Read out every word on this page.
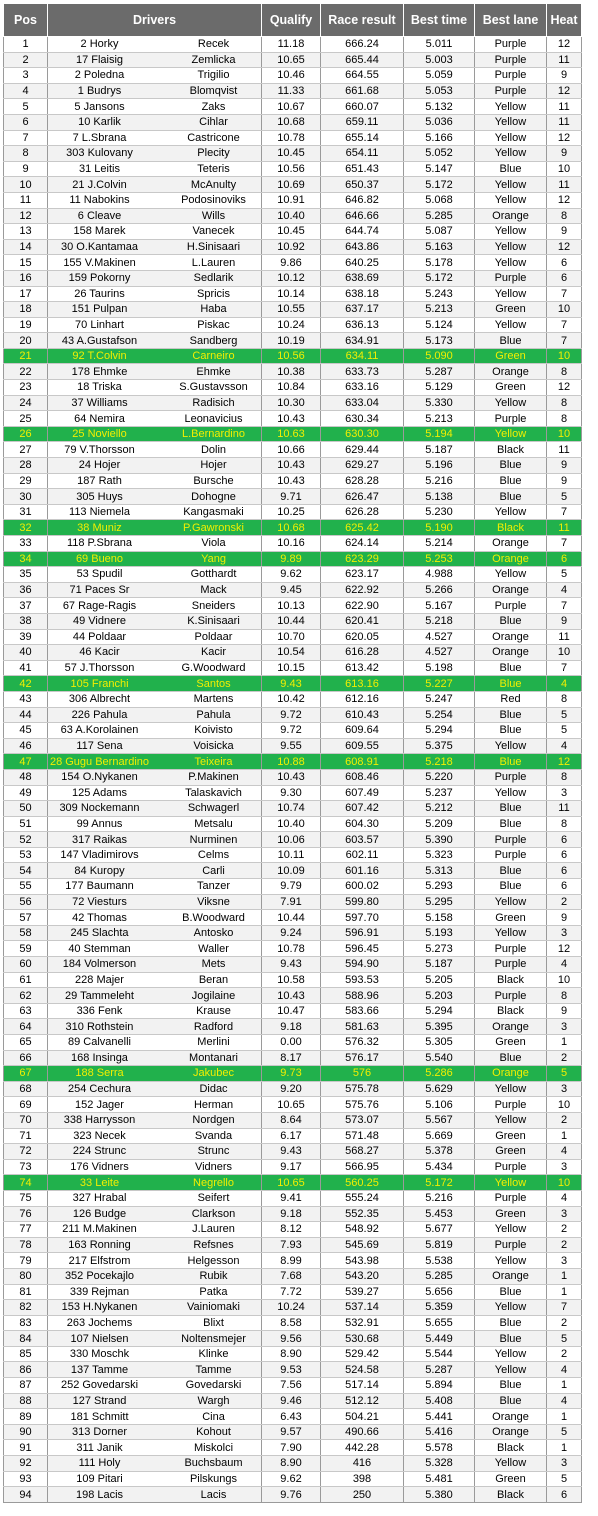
Pos	Drivers	Qualify	Race result	Best time	Best lane	Heat
1	2 Horky Recek	11.18	666.24	5.011	Purple	12
2	17 Flaisig Zemlicka	10.65	665.44	5.003	Purple	11
3	2 Poledna Trigilio	10.46	664.55	5.059	Purple	9
4	1 Budrys Blomqvist	11.33	661.68	5.053	Purple	12
5	5 Jansons Zaks	10.67	660.07	5.132	Yellow	11
6	10 Karlik Cihlar	10.68	659.11	5.036	Yellow	11
7	7 L.Sbrana Castricone	10.78	655.14	5.166	Yellow	12
8	303 Kulovany Plecity	10.45	654.11	5.052	Yellow	9
9	31 Leitis Teteris	10.56	651.43	5.147	Blue	10
10	21 J.Colvin McAnulty	10.69	650.37	5.172	Yellow	11
11	11 Nabokins Podosinoviks	10.91	646.82	5.068	Yellow	12
12	6 Cleave Wills	10.40	646.66	5.285	Orange	8
13	158 Marek Vanecek	10.45	644.74	5.087	Yellow	9
14	30 O.Kantamaa H.Sinisaari	10.92	643.86	5.163	Yellow	12
15	155 V.Makinen L.Lauren	9.86	640.25	5.178	Yellow	6
16	159 Pokorny Sedlarik	10.12	638.69	5.172	Purple	6
17	26 Taurins Spricis	10.14	638.18	5.243	Yellow	7
18	151 Pulpan Haba	10.55	637.17	5.213	Green	10
19	70 Linhart Piskac	10.24	636.13	5.124	Yellow	7
20	43 A.Gustafson Sandberg	10.19	634.91	5.173	Blue	7
21	92 T.Colvin Carneiro	10.56	634.11	5.090	Green	10
22	178 Ehmke Ehmke	10.38	633.73	5.287	Orange	8
23	18 Triska S.Gustavsson	10.84	633.16	5.129	Green	12
24	37 Williams Radisich	10.30	633.04	5.330	Yellow	8
25	64 Nemira Leonavicius	10.43	630.34	5.213	Purple	8
26	25 Noviello L.Bernardino	10.63	630.30	5.194	Yellow	10
27	79 V.Thorsson Dolin	10.66	629.44	5.187	Black	11
28	24 Hojer Hojer	10.43	629.27	5.196	Blue	9
29	187 Rath Bursche	10.43	628.28	5.216	Blue	9
30	305 Huys Dohogne	9.71	626.47	5.138	Blue	5
31	113 Niemela Kangasmaki	10.25	626.28	5.230	Yellow	7
32	38 Muniz P.Gawronski	10.68	625.42	5.190	Black	11
33	118 P.Sbrana Viola	10.16	624.14	5.214	Orange	7
34	69 Bueno Yang	9.89	623.29	5.253	Orange	6
35	53 Spudil Gotthardt	9.62	623.17	4.988	Yellow	5
36	71 Paces Sr Mack	9.45	622.92	5.266	Orange	4
37	67 Rage-Ragis Sneiders	10.13	622.90	5.167	Purple	7
38	49 Vidnere K.Sinisaari	10.44	620.41	5.218	Blue	9
39	44 Poldaar Poldaar	10.70	620.05	4.527	Orange	11
40	46 Kacir Kacir	10.54	616.28	4.527	Orange	10
41	57 J.Thorsson G.Woodward	10.15	613.42	5.198	Blue	7
42	105 Franchi Santos	9.43	613.16	5.227	Blue	4
43	306 Albrecht Martens	10.42	612.16	5.247	Red	8
44	226 Pahula Pahula	9.72	610.43	5.254	Blue	5
45	63 A.Korolainen Koivisto	9.72	609.64	5.294	Blue	5
46	117 Sena Voisicka	9.55	609.55	5.375	Yellow	4
47	28 Gugu Bernardino Teixeira	10.88	608.91	5.218	Blue	12
48	154 O.Nykanen P.Makinen	10.43	608.46	5.220	Purple	8
49	125 Adams Talaskavich	9.30	607.49	5.237	Yellow	3
50	309 Nockemann Schwagerl	10.74	607.42	5.212	Blue	11
51	99 Annus Metsalu	10.40	604.30	5.209	Blue	8
52	317 Raikas Nurminen	10.06	603.57	5.390	Purple	6
53	147 Vladimirovs Celms	10.11	602.11	5.323	Purple	6
54	84 Kuropy Carli	10.09	601.16	5.313	Blue	6
55	177 Baumann Tanzer	9.79	600.02	5.293	Blue	6
56	72 Viesturs Viksne	7.91	599.80	5.295	Yellow	2
57	42 Thomas B.Woodward	10.44	597.70	5.158	Green	9
58	245 Slachta Antosko	9.24	596.91	5.193	Yellow	3
59	40 Stemman Waller	10.78	596.45	5.273	Purple	12
60	184 Volmerson Mets	9.43	594.90	5.187	Purple	4
61	228 Majer Beran	10.58	593.53	5.205	Black	10
62	29 Tammeleht Jogilaine	10.43	588.96	5.203	Purple	8
63	336 Fenk Krause	10.47	583.66	5.294	Black	9
64	310 Rothstein Radford	9.18	581.63	5.395	Orange	3
65	89 Calvanelli Merlini	0.00	576.32	5.305	Green	1
66	168 Insinga Montanari	8.17	576.17	5.540	Blue	2
67	188 Serra Jakubec	9.73	576	5.286	Orange	5
68	254 Cechura Didac	9.20	575.78	5.629	Yellow	3
69	152 Jager Herman	10.65	575.76	5.106	Purple	10
70	338 Harrysson Nordgen	8.64	573.07	5.567	Yellow	2
71	323 Necek Svanda	6.17	571.48	5.669	Green	1
72	224 Strunc Strunc	9.43	568.27	5.378	Green	4
73	176 Vidners Vidners	9.17	566.95	5.434	Purple	3
74	33 Leite Negrello	10.65	560.25	5.172	Yellow	10
75	327 Hrabal Seifert	9.41	555.24	5.216	Purple	4
76	126 Budge Clarkson	9.18	552.35	5.453	Green	3
77	211 M.Makinen J.Lauren	8.12	548.92	5.677	Yellow	2
78	163 Ronning Refsnes	7.93	545.69	5.819	Purple	2
79	217 Elfstrom Helgesson	8.99	543.98	5.538	Yellow	3
80	352 Pocekajlo Rubik	7.68	543.20	5.285	Orange	1
81	339 Rejman Patka	7.72	539.27	5.656	Blue	1
82	153 H.Nykanen Vainiomaki	10.24	537.14	5.359	Yellow	7
83	263 Jochems Blixt	8.58	532.91	5.655	Blue	2
84	107 Nielsen Noltensmejer	9.56	530.68	5.449	Blue	5
85	330 Moschk Klinke	8.90	529.42	5.544	Yellow	2
86	137 Tamme Tamme	9.53	524.58	5.287	Yellow	4
87	252 Govedarski Govedarski	7.56	517.14	5.894	Blue	1
88	127 Strand Wargh	9.46	512.12	5.408	Blue	4
89	181 Schmitt Cina	6.43	504.21	5.441	Orange	1
90	313 Dorner Kohout	9.57	490.66	5.416	Orange	5
91	311 Janik Miskolci	7.90	442.28	5.578	Black	1
92	111 Holy Buchsbaum	8.90	416	5.328	Yellow	3
93	109 Pitari Pilskungs	9.62	398	5.481	Green	5
94	198 Lacis Lacis	9.76	250	5.380	Black	6
